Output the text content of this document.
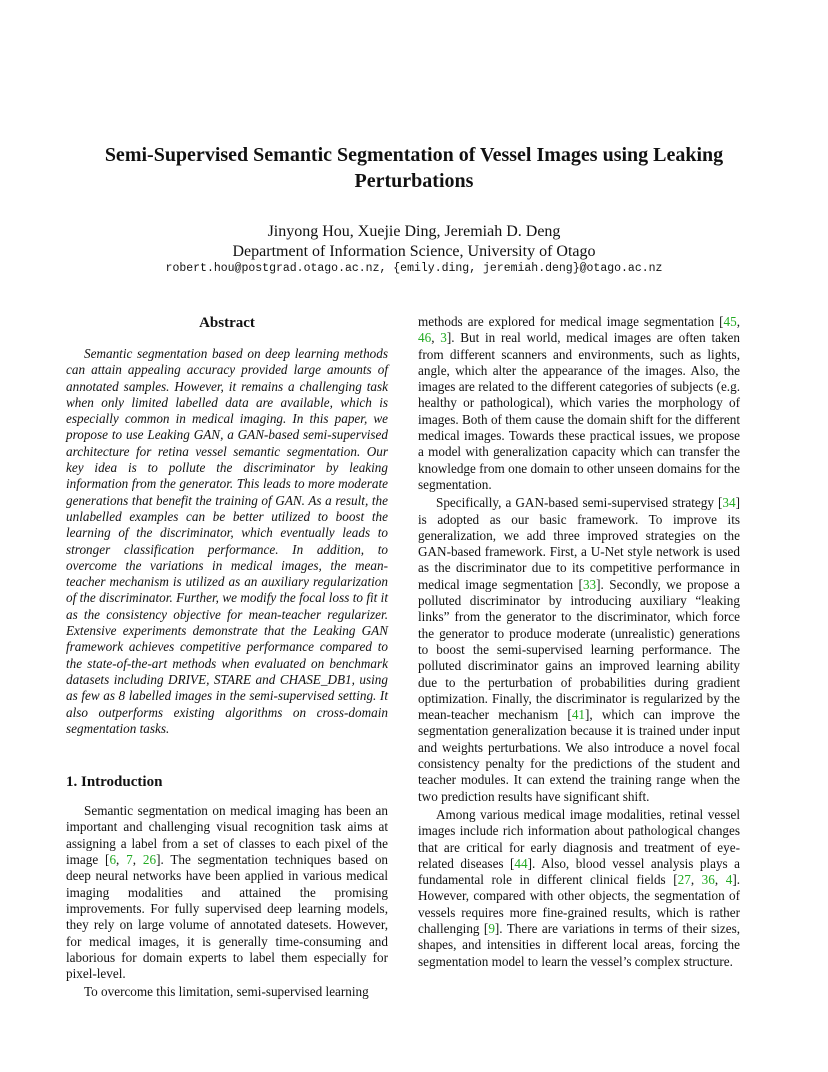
Semi-Supervised Semantic Segmentation of Vessel Images using Leaking
Perturbations
Jinyong Hou, Xuejie Ding, Jeremiah D. Deng
Department of Information Science, University of Otago
robert.hou@postgrad.otago.ac.nz, {emily.ding, jeremiah.deng}@otago.ac.nz
Abstract

Semantic segmentation based on deep learning methods can attain appealing accuracy provided large amounts of annotated samples. However, it remains a challenging task when only limited labelled data are available, which is especially common in medical imaging. In this paper, we propose to use Leaking GAN, a GAN-based semi-supervised architecture for retina vessel semantic segmentation. Our key idea is to pollute the discriminator by leaking information from the generator. This leads to more moderate generations that benefit the training of GAN. As a result, the unlabelled examples can be better utilized to boost the learning of the discriminator, which eventually leads to stronger classification performance. In addition, to overcome the variations in medical images, the mean-teacher mechanism is utilized as an auxiliary regularization of the discriminator. Further, we modify the focal loss to fit it as the consistency objective for mean-teacher regularizer. Extensive experiments demonstrate that the Leaking GAN framework achieves competitive performance compared to the state-of-the-art methods when evaluated on benchmark datasets including DRIVE, STARE and CHASE_DB1, using as few as 8 labelled images in the semi-supervised setting. It also outperforms existing algorithms on cross-domain segmentation tasks.

1. Introduction

Semantic segmentation on medical imaging has been an important and challenging visual recognition task aims at assigning a label from a set of classes to each pixel of the image [6, 7, 26]. The segmentation techniques based on deep neural networks have been applied in various medical imaging modalities and attained the promising improvements. For fully supervised deep learning models, they rely on large volume of annotated datesets. However, for medical images, it is generally time-consuming and laborious for domain experts to label them especially for pixel-level.

To overcome this limitation, semi-supervised learning

methods are explored for medical image segmentation [45, 46, 3]. But in real world, medical images are often taken from different scanners and environments, such as lights, angle, which alter the appearance of the images. Also, the images are related to the different categories of subjects (e.g. healthy or pathological), which varies the morphology of images. Both of them cause the domain shift for the different medical images. Towards these practical issues, we propose a model with generalization capacity which can transfer the knowledge from one domain to other unseen domains for the segmentation.

Specifically, a GAN-based semi-supervised strategy [34] is adopted as our basic framework. To improve its generalization, we add three improved strategies on the GAN-based framework. First, a U-Net style network is used as the discriminator due to its competitive performance in medical image segmentation [33]. Secondly, we propose a polluted discriminator by introducing auxiliary “leaking links” from the generator to the discriminator, which force the generator to produce moderate (unrealistic) generations to boost the semi-supervised learning performance. The polluted discriminator gains an improved learning ability due to the perturbation of probabilities during gradient optimization. Finally, the discriminator is regularized by the mean-teacher mechanism [41], which can improve the segmentation generalization because it is trained under input and weights perturbations. We also introduce a novel focal consistency penalty for the predictions of the student and teacher modules. It can extend the training range when the two prediction results have significant shift.

Among various medical image modalities, retinal vessel images include rich information about pathological changes that are critical for early diagnosis and treatment of eye-related diseases [44]. Also, blood vessel analysis plays a fundamental role in different clinical fields [27, 36, 4]. However, compared with other objects, the segmentation of vessels requires more fine-grained results, which is rather challenging [9]. There are variations in terms of their sizes, shapes, and intensities in different local areas, forcing the segmentation model to learn the vessel’s complex structure.
